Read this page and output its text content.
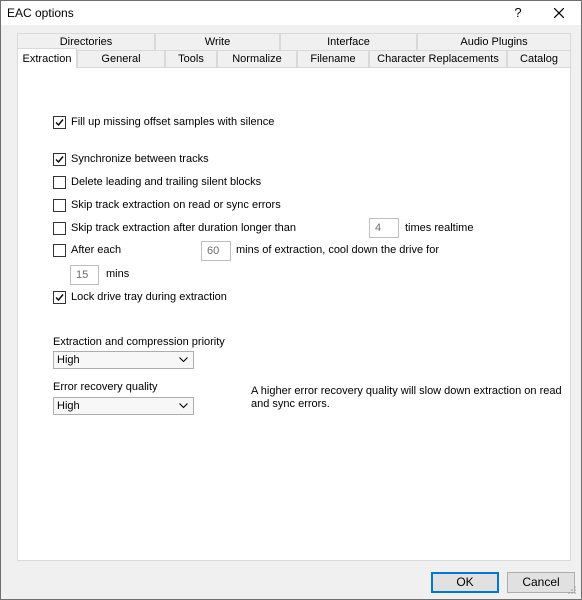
EAC options	?
Directories	Write	Interface	Audio Plugins
Extraction	General	Tools	Normalize	Filename	Character Replacements	Catalog
Fill up missing offset samples with silence
Synchronize between tracks
Delete leading and trailing silent blocks
Skip track extraction on read or sync errors
Skip track extraction after duration longer than	4	times realtime
After each	60	mins of extraction, cool down the drive for
15	mins
Lock drive tray during extraction
Extraction and compression priority
High
Error recovery quality
High
A higher error recovery quality will slow down extraction on read
and sync errors.
OK	Cancel
